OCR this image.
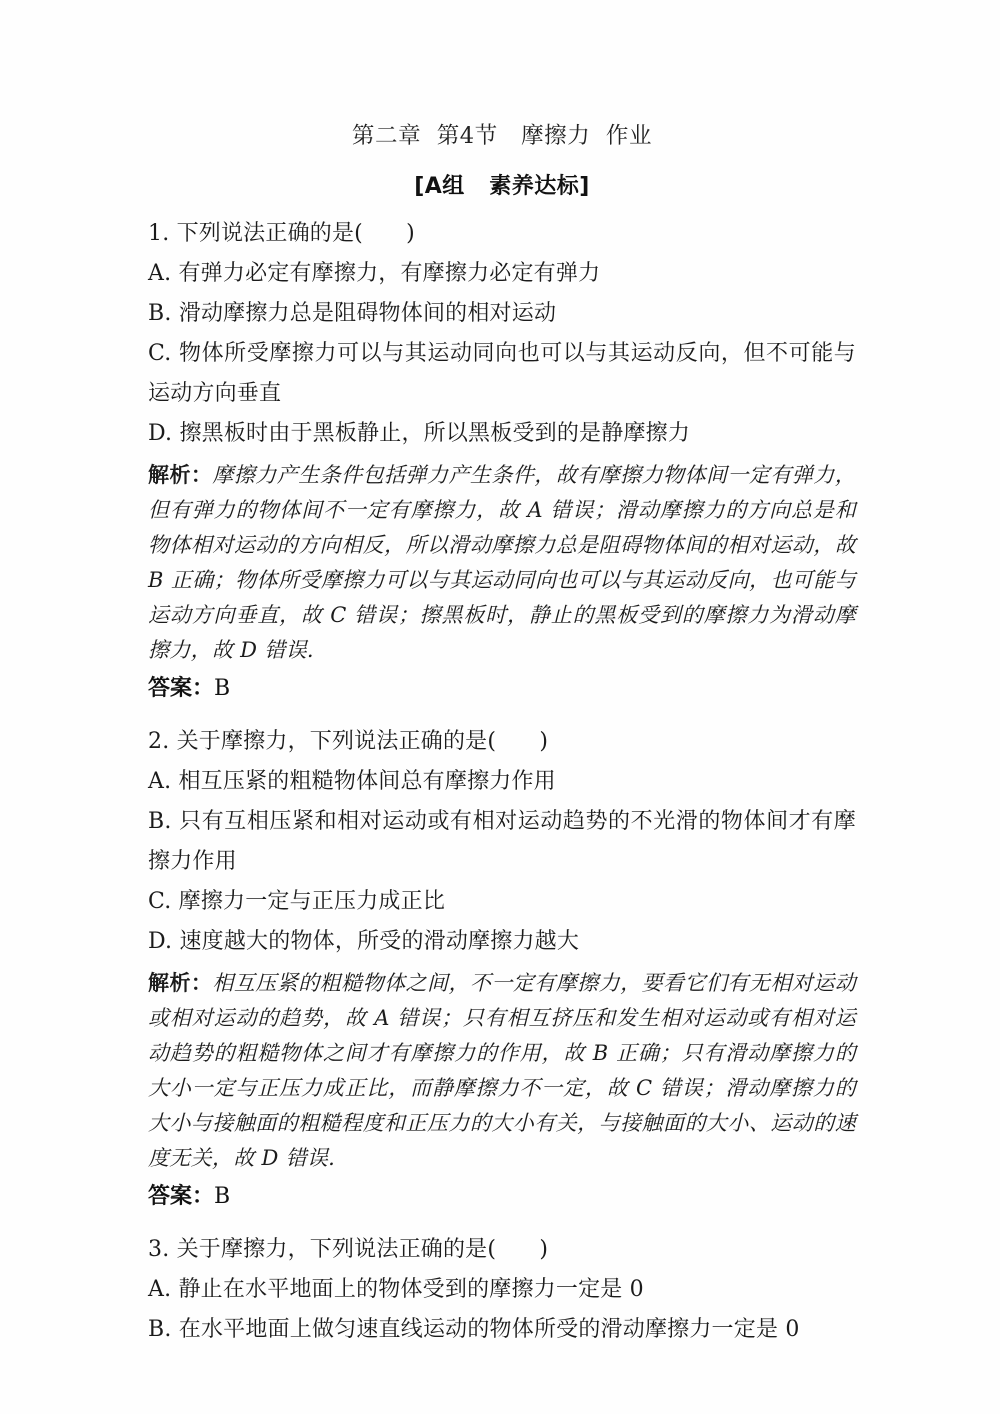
第二章  第4节   摩擦力  作业
[A组   素养达标]
1. 下列说法正确的是(      )
A. 有弹力必定有摩擦力，有摩擦力必定有弹力
B. 滑动摩擦力总是阻碍物体间的相对运动
C. 物体所受摩擦力可以与其运动同向也可以与其运动反向，但不可能与运动方向垂直
D. 擦黑板时由于黑板静止，所以黑板受到的是静摩擦力
解析：摩擦力产生条件包括弹力产生条件，故有摩擦力物体间一定有弹力，但有弹力的物体间不一定有摩擦力，故 A 错误；滑动摩擦力的方向总是和物体相对运动的方向相反，所以滑动摩擦力总是阻碍物体间的相对运动，故 B 正确；物体所受摩擦力可以与其运动同向也可以与其运动反向，也可能与运动方向垂直，故 C 错误；擦黑板时，静止的黑板受到的摩擦力为滑动摩擦力，故 D 错误.
答案：B
2. 关于摩擦力，下列说法正确的是(      )
A. 相互压紧的粗糙物体间总有摩擦力作用
B. 只有互相压紧和相对运动或有相对运动趋势的不光滑的物体间才有摩擦力作用
C. 摩擦力一定与正压力成正比
D. 速度越大的物体，所受的滑动摩擦力越大
解析：相互压紧的粗糙物体之间，不一定有摩擦力，要看它们有无相对运动或相对运动的趋势，故 A 错误；只有相互挤压和发生相对运动或有相对运动趋势的粗糙物体之间才有摩擦力的作用，故 B 正确；只有滑动摩擦力的大小一定与正压力成正比，而静摩擦力不一定，故 C 错误；滑动摩擦力的大小与接触面的粗糙程度和正压力的大小有关，与接触面的大小、运动的速度无关，故 D 错误.
答案：B
3. 关于摩擦力，下列说法正确的是(      )
A. 静止在水平地面上的物体受到的摩擦力一定是 0
B. 在水平地面上做匀速直线运动的物体所受的滑动摩擦力一定是 0
